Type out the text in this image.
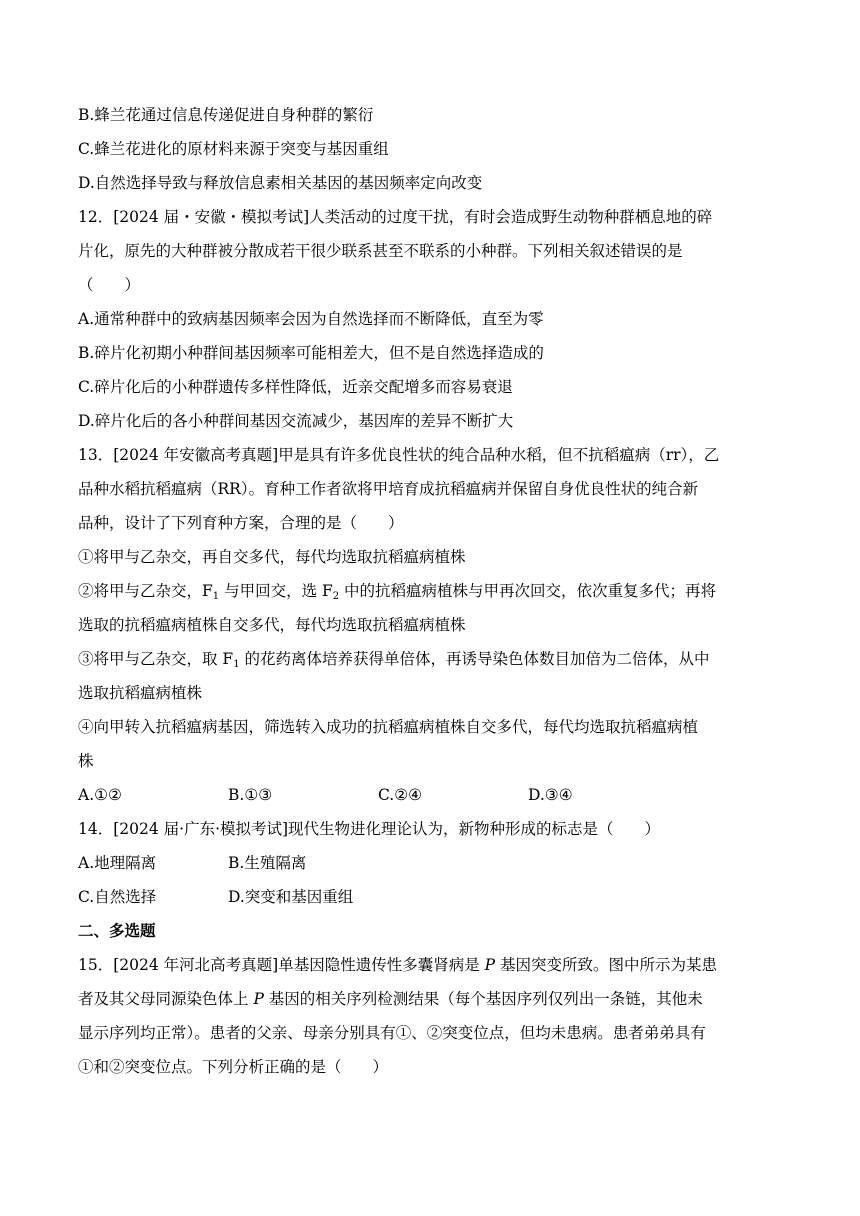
B.蜂兰花通过信息传递促进自身种群的繁衍
C.蜂兰花进化的原材料来源于突变与基因重组
D.自然选择导致与释放信息素相关基因的基因频率定向改变
12．[2024 届・安徽・模拟考试]人类活动的过度干扰，有时会造成野生动物种群栖息地的碎
片化，原先的大种群被分散成若干很少联系甚至不联系的小种群。下列相关叙述错误的是
（　　）
A.通常种群中的致病基因频率会因为自然选择而不断降低，直至为零
B.碎片化初期小种群间基因频率可能相差大，但不是自然选择造成的
C.碎片化后的小种群遗传多样性降低，近亲交配增多而容易衰退
D.碎片化后的各小种群间基因交流减少，基因库的差异不断扩大
13．[2024 年安徽高考真题]甲是具有许多优良性状的纯合品种水稻，但不抗稻瘟病（rr），乙
品种水稻抗稻瘟病（RR）。育种工作者欲将甲培育成抗稻瘟病并保留自身优良性状的纯合新
品种，设计了下列育种方案，合理的是（　　）
①将甲与乙杂交，再自交多代，每代均选取抗稻瘟病植株
②将甲与乙杂交，$F_1$ 与甲回交，选 $F_2$ 中的抗稻瘟病植株与甲再次回交，依次重复多代；再将
选取的抗稻瘟病植株自交多代，每代均选取抗稻瘟病植株
③将甲与乙杂交，取 $F_1$ 的花药离体培养获得单倍体，再诱导染色体数目加倍为二倍体，从中
选取抗稻瘟病植株
④向甲转入抗稻瘟病基因，筛选转入成功的抗稻瘟病植株自交多代，每代均选取抗稻瘟病植
株
A.①②	B.①③	C.②④	D.③④
14．[2024 届·广东·模拟考试]现代生物进化理论认为，新物种形成的标志是（　　）
A.地理隔离	B.生殖隔离
C.自然选择	D.突变和基因重组
二、多选题
15．[2024 年河北高考真题]单基因隐性遗传性多囊肾病是 P 基因突变所致。图中所示为某患
者及其父母同源染色体上 P 基因的相关序列检测结果（每个基因序列仅列出一条链，其他未
显示序列均正常）。患者的父亲、母亲分别具有①、②突变位点，但均未患病。患者弟弟具有
①和②突变位点。下列分析正确的是（　　）
